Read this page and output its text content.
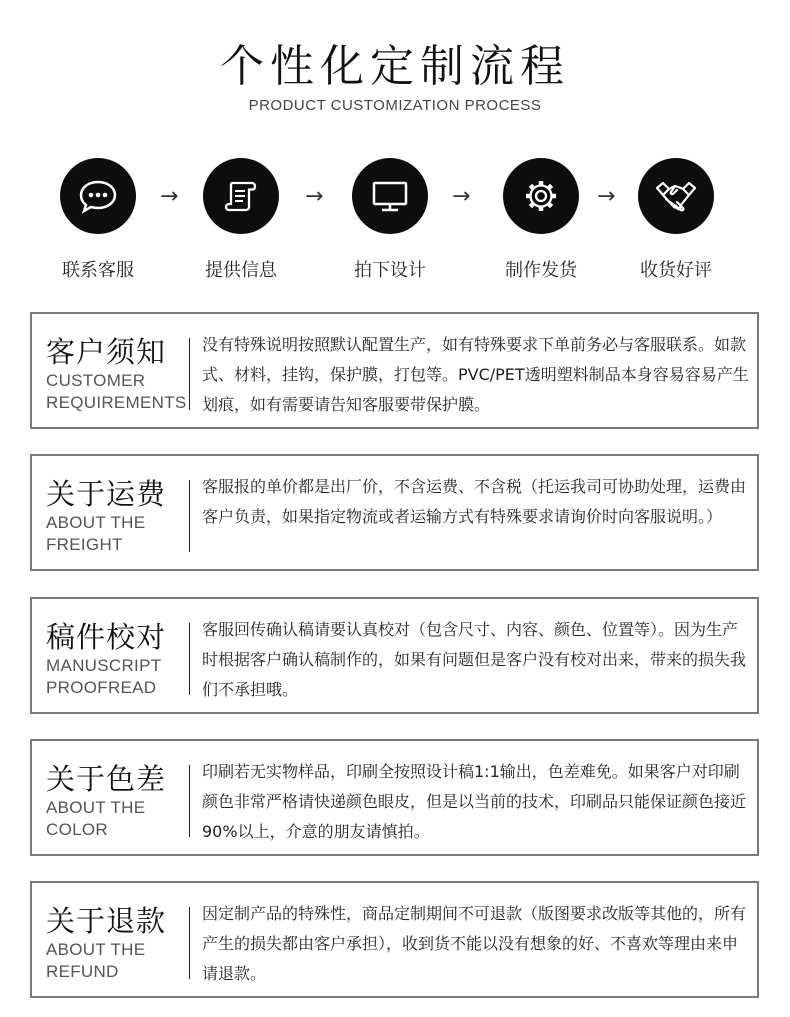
个性化定制流程
PRODUCT CUSTOMIZATION PROCESS
联系客服
→
提供信息
→
拍下设计
→
制作发货
→
收货好评
客户须知
CUSTOMER
REQUIREMENTS
没有特殊说明按照默认配置生产，如有特殊要求下单前务必与客服联系。如款式、材料，挂钩，保护膜，打包等。PVC/PET透明塑料制品本身容易容易产生划痕，如有需要请告知客服要带保护膜。
关于运费
ABOUT THE
FREIGHT
客服报的单价都是出厂价，不含运费、不含税（托运我司可协助处理，运费由客户负责，如果指定物流或者运输方式有特殊要求请询价时向客服说明。）
稿件校对
MANUSCRIPT
PROOFREAD
客服回传确认稿请要认真校对（包含尺寸、内容、颜色、位置等）。因为生产时根据客户确认稿制作的，如果有问题但是客户没有校对出来，带来的损失我们不承担哦。
关于色差
ABOUT THE
COLOR
印刷若无实物样品，印刷全按照设计稿1:1输出，色差难免。如果客户对印刷颜色非常严格请快递颜色眼皮，但是以当前的技术，印刷品只能保证颜色接近90%以上，介意的朋友请慎拍。
关于退款
ABOUT THE
REFUND
因定制产品的特殊性，商品定制期间不可退款（版图要求改版等其他的，所有产生的损失都由客户承担），收到货不能以没有想象的好、不喜欢等理由来申请退款。
